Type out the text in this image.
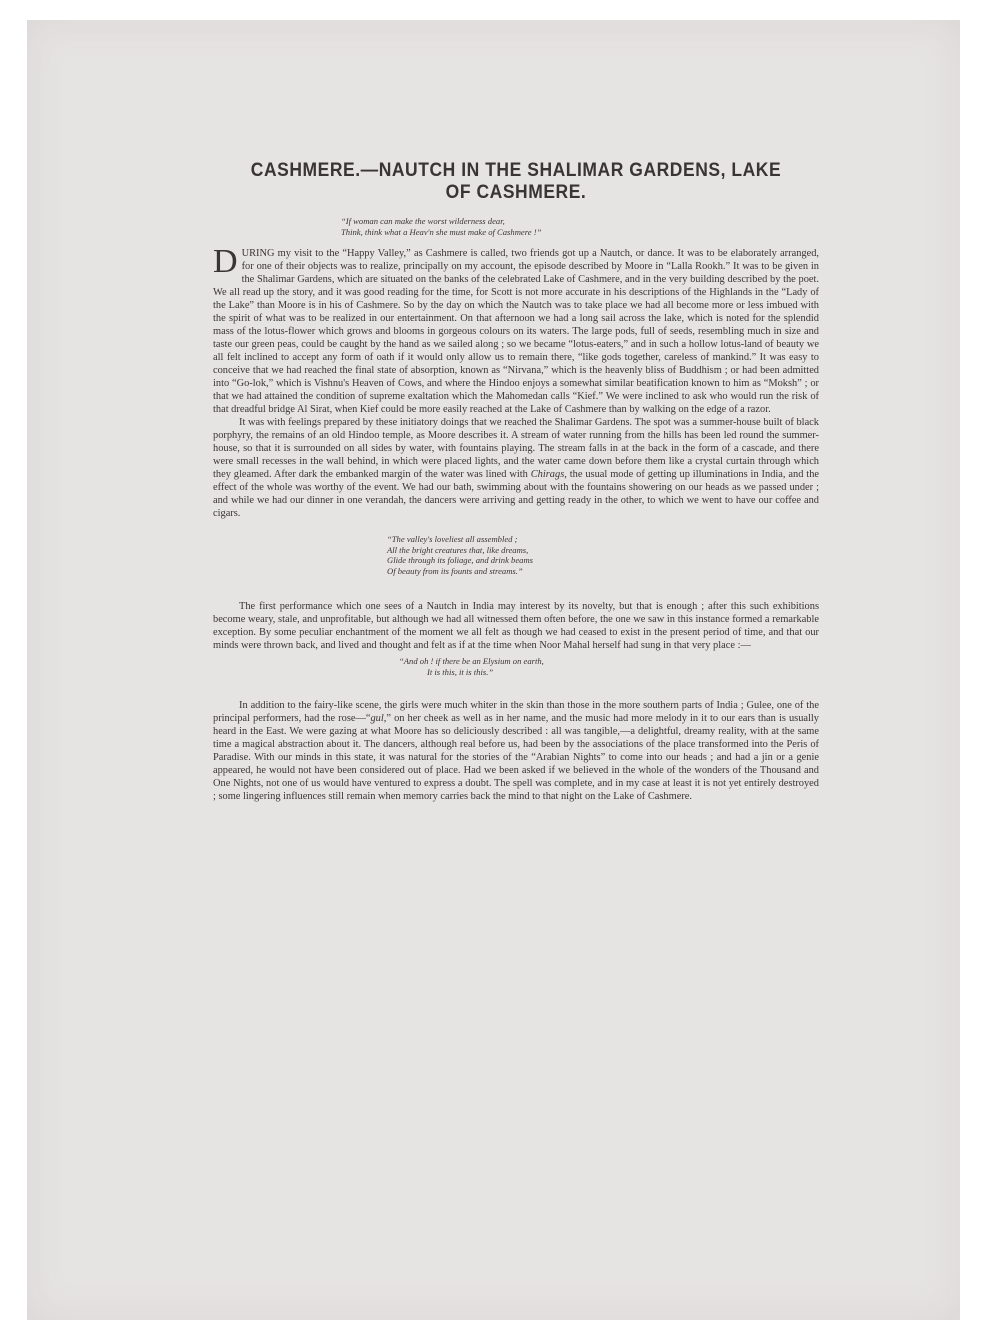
CASHMERE.—NAUTCH IN THE SHALIMAR GARDENS, LAKE OF CASHMERE.
“If woman can make the worst wilderness dear,
Think, think what a Heav'n she must make of Cashmere !”

DURING my visit to the “Happy Valley,” as Cashmere is called, two friends got up a Nautch, or dance. It was to be elaborately arranged, for one of their objects was to realize, principally on my account, the episode described by Moore in “Lalla Rookh.” It was to be given in the Shalimar Gardens, which are situated on the banks of the celebrated Lake of Cashmere, and in the very building described by the poet. We all read up the story, and it was good reading for the time, for Scott is not more accurate in his descriptions of the Highlands in the “Lady of the Lake” than Moore is in his of Cashmere. So by the day on which the Nautch was to take place we had all become more or less imbued with the spirit of what was to be realized in our entertainment. On that afternoon we had a long sail across the lake, which is noted for the splendid mass of the lotus-flower which grows and blooms in gorgeous colours on its waters. The large pods, full of seeds, resembling much in size and taste our green peas, could be caught by the hand as we sailed along ; so we became “lotus-eaters,” and in such a hollow lotus-land of beauty we all felt inclined to accept any form of oath if it would only allow us to remain there, “like gods together, careless of mankind.” It was easy to conceive that we had reached the final state of absorption, known as “Nirvana,” which is the heavenly bliss of Buddhism ; or had been admitted into “Go-lok,” which is Vishnu's Heaven of Cows, and where the Hindoo enjoys a somewhat similar beatification known to him as “Moksh” ; or that we had attained the condition of supreme exaltation which the Mahomedan calls “Kief.” We were inclined to ask who would run the risk of that dreadful bridge Al Sirat, when Kief could be more easily reached at the Lake of Cashmere than by walking on the edge of a razor.

It was with feelings prepared by these initiatory doings that we reached the Shalimar Gardens. The spot was a summer-house built of black porphyry, the remains of an old Hindoo temple, as Moore describes it. A stream of water running from the hills has been led round the summer-house, so that it is surrounded on all sides by water, with fountains playing. The stream falls in at the back in the form of a cascade, and there were small recesses in the wall behind, in which were placed lights, and the water came down before them like a crystal curtain through which they gleamed. After dark the embanked margin of the water was lined with Chirags, the usual mode of getting up illuminations in India, and the effect of the whole was worthy of the event. We had our bath, swimming about with the fountains showering on our heads as we passed under ; and while we had our dinner in one verandah, the dancers were arriving and getting ready in the other, to which we went to have our coffee and cigars.

“The valley's loveliest all assembled ;
All the bright creatures that, like dreams,
Glide through its foliage, and drink beams
Of beauty from its founts and streams.”

The first performance which one sees of a Nautch in India may interest by its novelty, but that is enough ; after this such exhibitions become weary, stale, and unprofitable, but although we had all witnessed them often before, the one we saw in this instance formed a remarkable exception. By some peculiar enchantment of the moment we all felt as though we had ceased to exist in the present period of time, and that our minds were thrown back, and lived and thought and felt as if at the time when Noor Mahal herself had sung in that very place :—

“And oh ! if there be an Elysium on earth,
It is this, it is this.”

In addition to the fairy-like scene, the girls were much whiter in the skin than those in the more southern parts of India ; Gulee, one of the principal performers, had the rose—“gul,” on her cheek as well as in her name, and the music had more melody in it to our ears than is usually heard in the East. We were gazing at what Moore has so deliciously described : all was tangible,—a delightful, dreamy reality, with at the same time a magical abstraction about it. The dancers, although real before us, had been by the associations of the place transformed into the Peris of Paradise. With our minds in this state, it was natural for the stories of the “Arabian Nights” to come into our heads ; and had a jin or a genie appeared, he would not have been considered out of place. Had we been asked if we believed in the whole of the wonders of the Thousand and One Nights, not one of us would have ventured to express a doubt. The spell was complete, and in my case at least it is not yet entirely destroyed ; some lingering influences still remain when memory carries back the mind to that night on the Lake of Cashmere.
